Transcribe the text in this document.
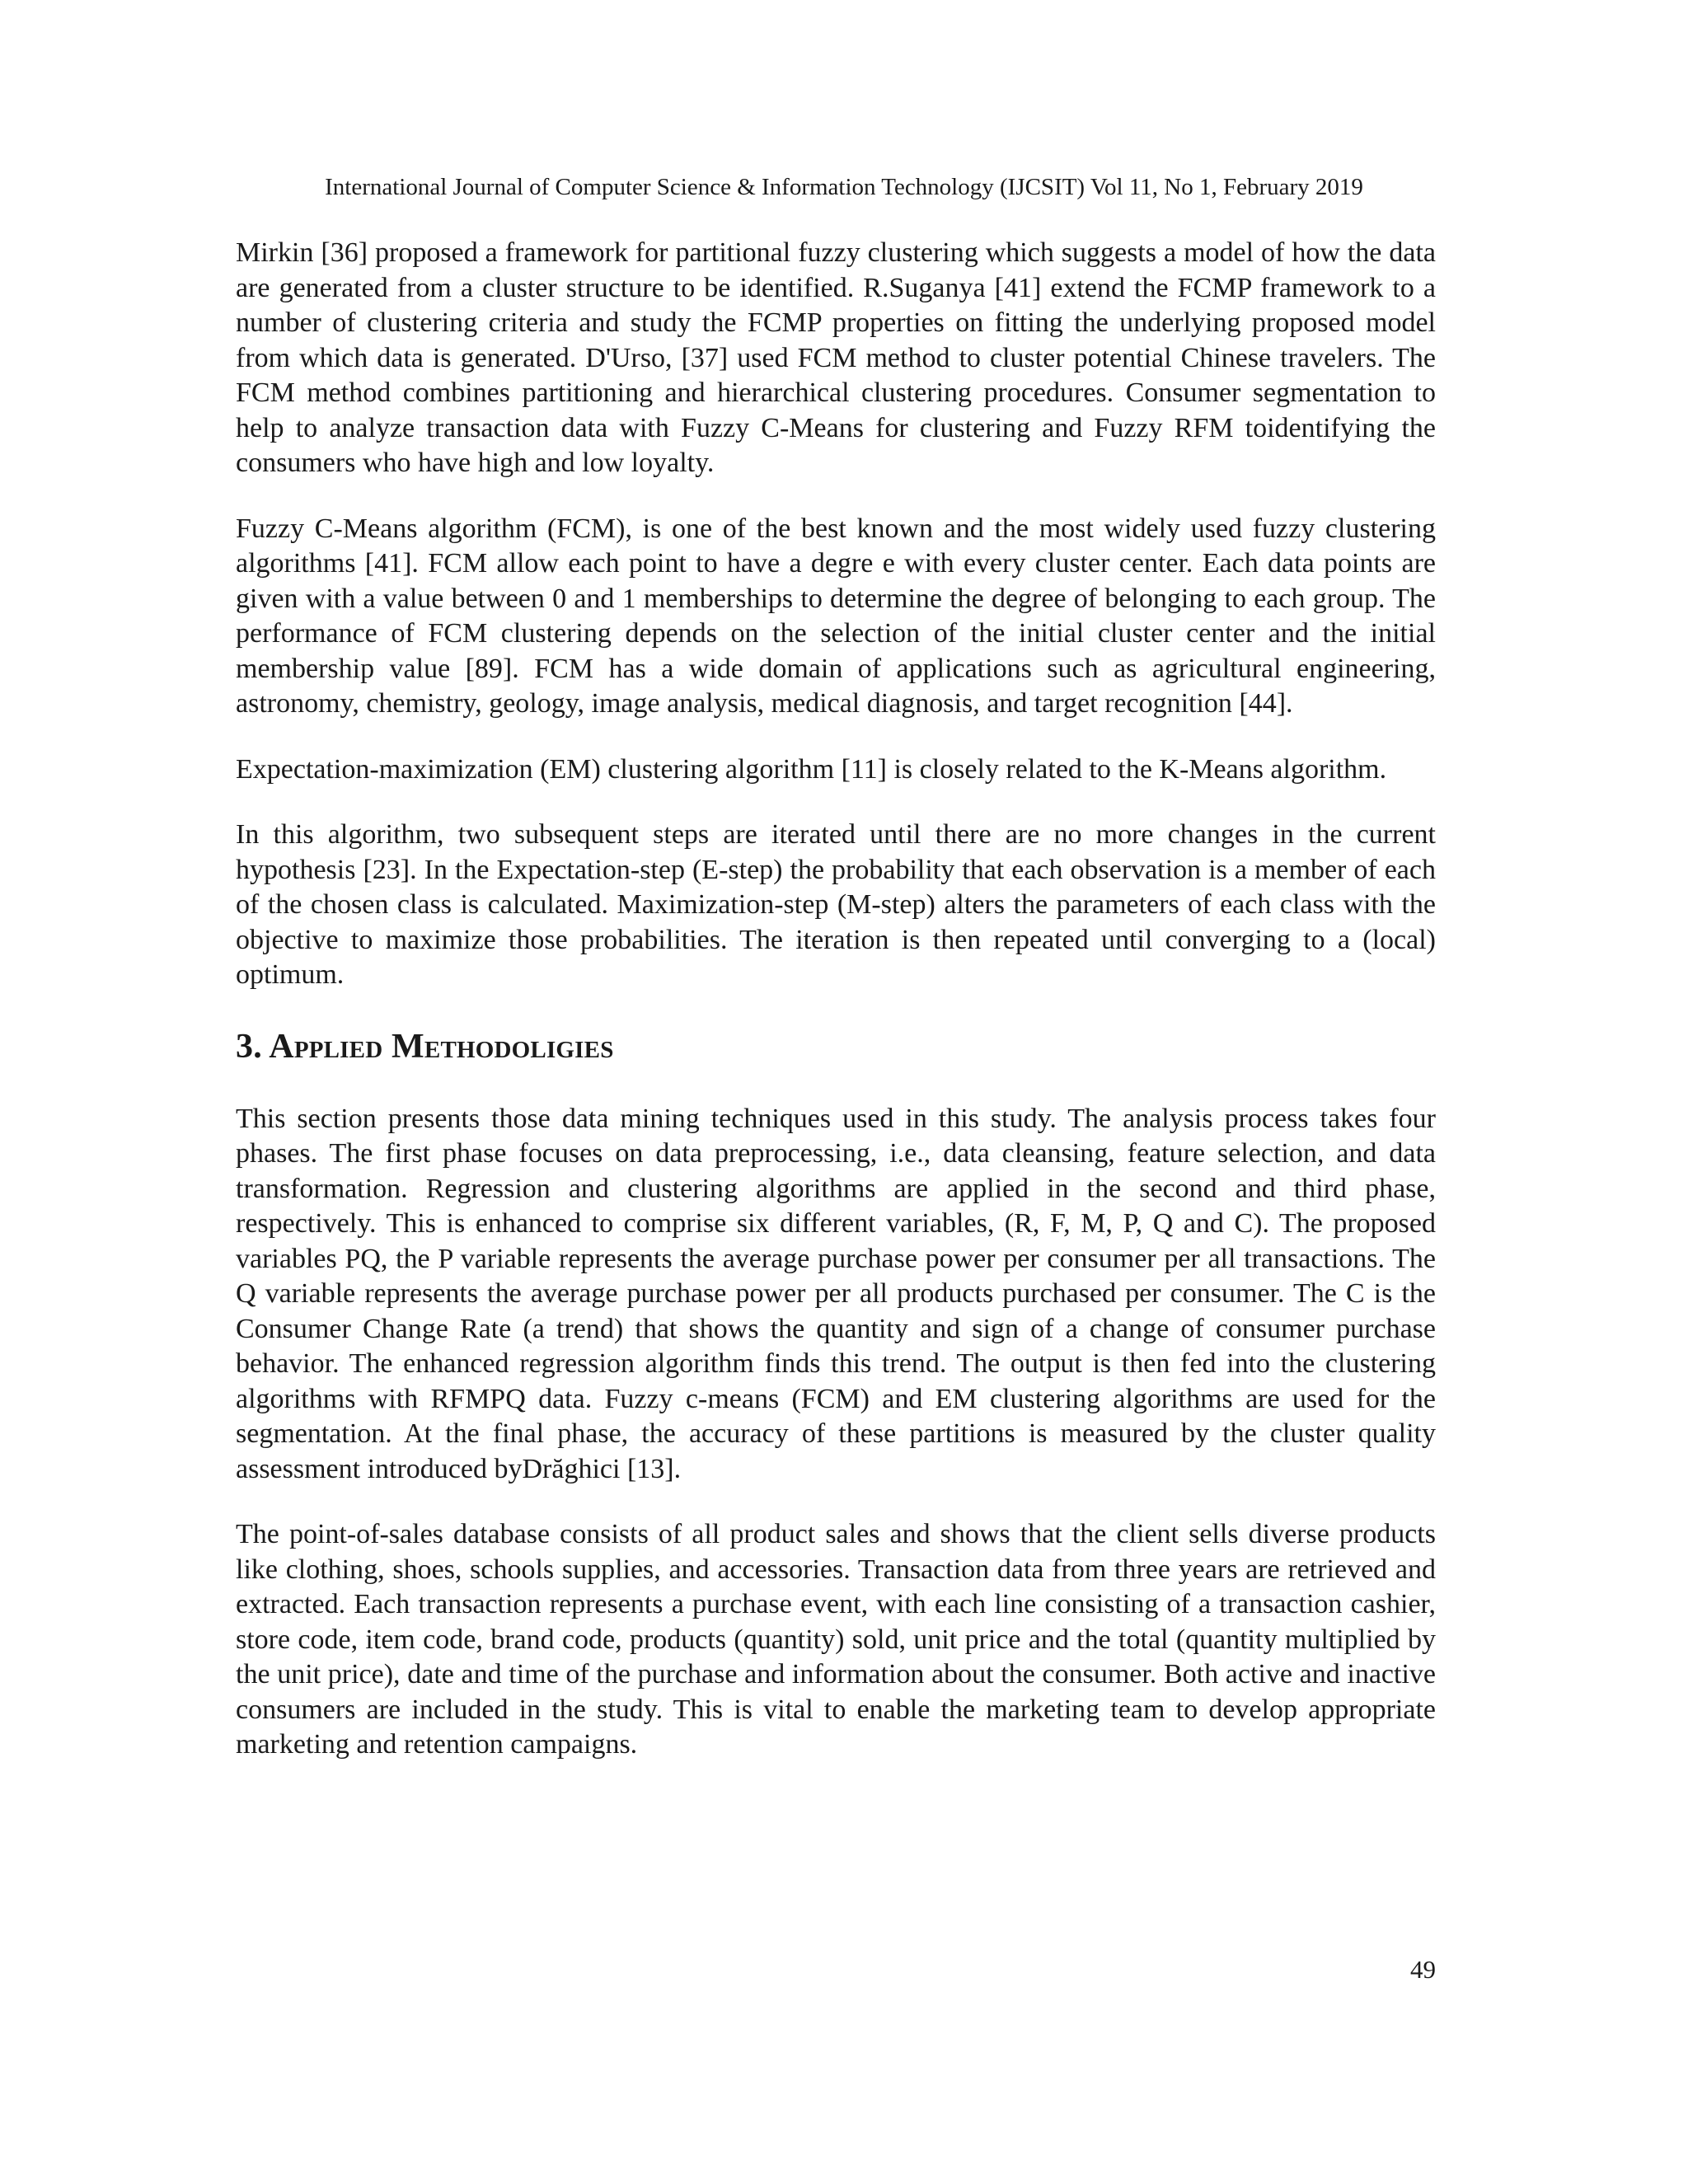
International Journal of Computer Science & Information Technology (IJCSIT) Vol 11, No 1, February 2019

Mirkin [36] proposed a framework for partitional fuzzy clustering which suggests a model of how the data are generated from a cluster structure to be identified. R.Suganya [41] extend the FCMP framework to a number of clustering criteria and study the FCMP properties on fitting the underlying proposed model from which data is generated. D'Urso, [37] used FCM method to cluster potential Chinese travelers. The FCM method combines partitioning and hierarchical clustering procedures. Consumer segmentation to help to analyze transaction data with Fuzzy C-Means for clustering and Fuzzy RFM toidentifying the consumers who have high and low loyalty.

Fuzzy C-Means algorithm (FCM), is one of the best known and the most widely used fuzzy clustering algorithms [41]. FCM allow each point to have a degre e with every cluster center. Each data points are given with a value between 0 and 1 memberships to determine the degree of belonging to each group. The performance of FCM clustering depends on the selection of the initial cluster center and the initial membership value [89]. FCM has a wide domain of applications such as agricultural engineering, astronomy, chemistry, geology, image analysis, medical diagnosis, and target recognition [44].

Expectation-maximization (EM) clustering algorithm [11] is closely related to the K-Means algorithm.

In this algorithm, two subsequent steps are iterated until there are no more changes in the current hypothesis [23]. In the Expectation-step (E-step) the probability that each observation is a member of each of the chosen class is calculated. Maximization-step (M-step) alters the parameters of each class with the objective to maximize those probabilities. The iteration is then repeated until converging to a (local) optimum.

3. Applied Methodoligies

This section presents those data mining techniques used in this study. The analysis process takes four phases. The first phase focuses on data preprocessing, i.e., data cleansing, feature selection, and data transformation. Regression and clustering algorithms are applied in the second and third phase, respectively. This is enhanced to comprise six different variables, (R, F, M, P, Q and C). The proposed variables PQ, the P variable represents the average purchase power per consumer per all transactions. The Q variable represents the average purchase power per all products purchased per consumer. The C is the Consumer Change Rate (a trend) that shows the quantity and sign of a change of consumer purchase behavior. The enhanced regression algorithm finds this trend. The output is then fed into the clustering algorithms with RFMPQ data. Fuzzy c-means (FCM) and EM clustering algorithms are used for the segmentation. At the final phase, the accuracy of these partitions is measured by the cluster quality assessment introduced byDrăghici [13].

The point-of-sales database consists of all product sales and shows that the client sells diverse products like clothing, shoes, schools supplies, and accessories. Transaction data from three years are retrieved and extracted. Each transaction represents a purchase event, with each line consisting of a transaction cashier, store code, item code, brand code, products (quantity) sold, unit price and the total (quantity multiplied by the unit price), date and time of the purchase and information about the consumer. Both active and inactive consumers are included in the study. This is vital to enable the marketing team to develop appropriate marketing and retention campaigns.

49
